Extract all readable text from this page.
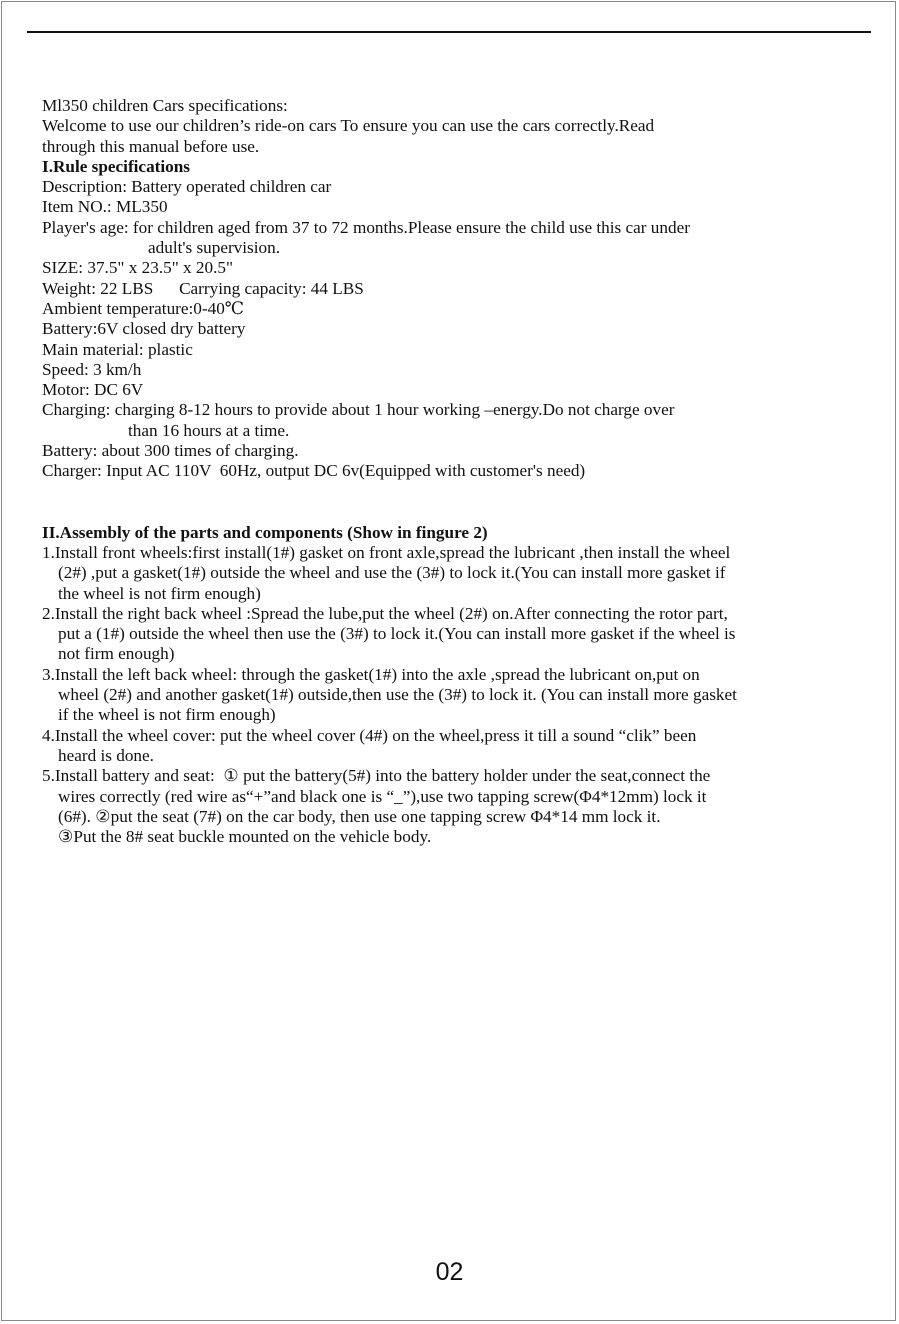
Ml350 children Cars specifications:
Welcome to use our children’s ride-on cars To ensure you can use the cars correctly.Read
through this manual before use.
I.Rule specifications
Description: Battery operated children car
Item NO.: ML350
Player's age: for children aged from 37 to 72 months.Please ensure the child use this car under
adult's supervision.
SIZE: 37.5" x 23.5" x 20.5"
Weight: 22 LBS      Carrying capacity: 44 LBS
Ambient temperature:0-40℃
Battery:6V closed dry battery
Main material: plastic
Speed: 3 km/h
Motor: DC 6V
Charging: charging 8-12 hours to provide about 1 hour working –energy.Do not charge over
than 16 hours at a time.
Battery: about 300 times of charging.
Charger: Input AC 110V  60Hz, output DC 6v(Equipped with customer's need)
II.Assembly of the parts and components (Show in fingure 2)
1.Install front wheels:first install(1#) gasket on front axle,spread the lubricant ,then install the wheel
(2#) ,put a gasket(1#) outside the wheel and use the (3#) to lock it.(You can install more gasket if
the wheel is not firm enough)
2.Install the right back wheel :Spread the lube,put the wheel (2#) on.After connecting the rotor part,
put a (1#) outside the wheel then use the (3#) to lock it.(You can install more gasket if the wheel is
not firm enough)
3.Install the left back wheel: through the gasket(1#) into the axle ,spread the lubricant on,put on
wheel (2#) and another gasket(1#) outside,then use the (3#) to lock it. (You can install more gasket
if the wheel is not firm enough)
4.Install the wheel cover: put the wheel cover (4#) on the wheel,press it till a sound “clik” been
heard is done.
5.Install battery and seat:  ① put the battery(5#) into the battery holder under the seat,connect the
wires correctly (red wire as“+”and black one is “_”),use two tapping screw(Φ4*12mm) lock it
(6#). ②put the seat (7#) on the car body, then use one tapping screw Φ4*14 mm lock it.
③Put the 8# seat buckle mounted on the vehicle body.
02
